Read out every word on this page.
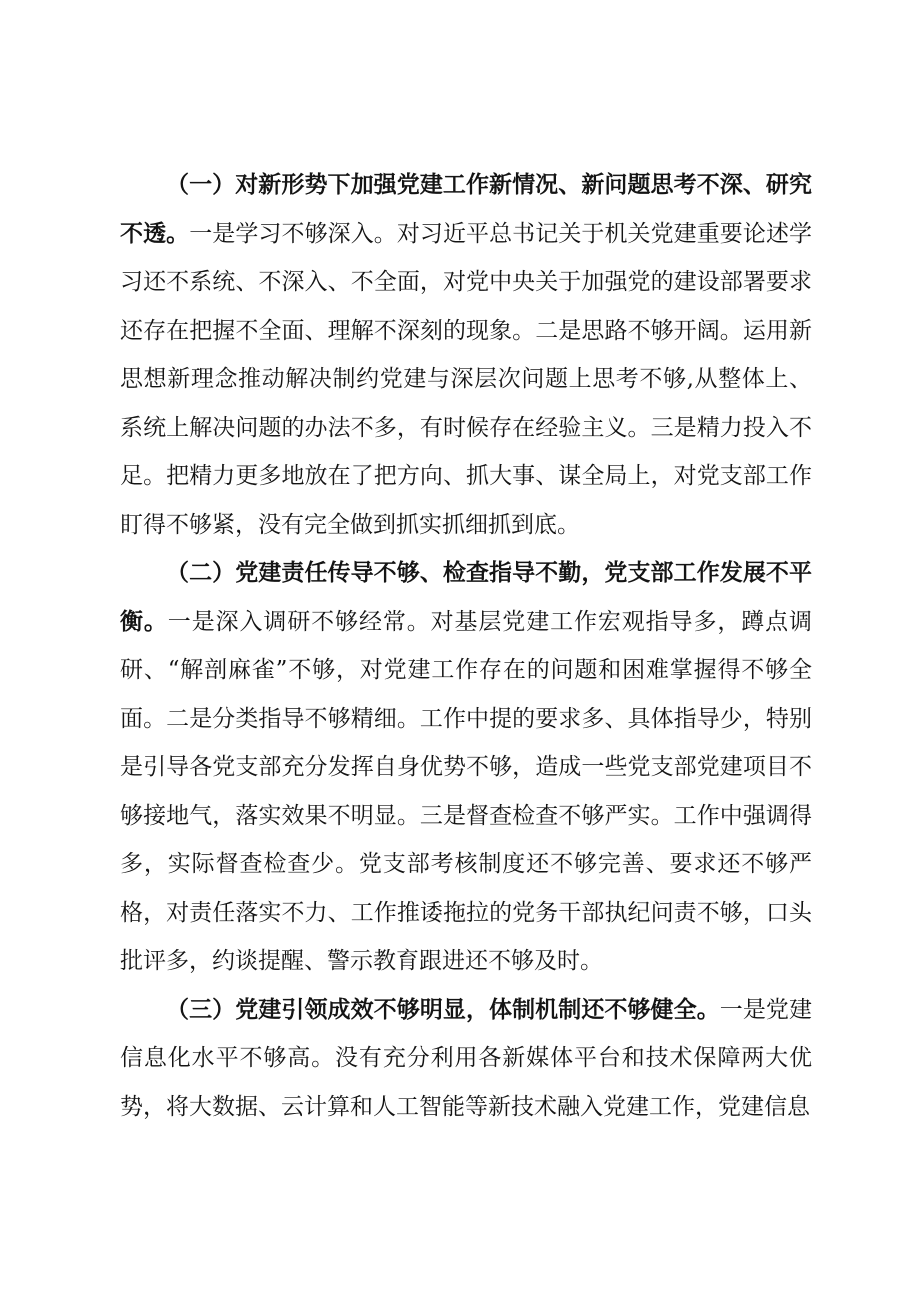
（一）对新形势下加强党建工作新情况、新问题思考不深、研究不透。一是学习不够深入。对习近平总书记关于机关党建重要论述学习还不系统、不深入、不全面，对党中央关于加强党的建设部署要求还存在把握不全面、理解不深刻的现象。二是思路不够开阔。运用新思想新理念推动解决制约党建与深层次问题上思考不够,从整体上、系统上解决问题的办法不多，有时候存在经验主义。三是精力投入不足。把精力更多地放在了把方向、抓大事、谋全局上，对党支部工作盯得不够紧，没有完全做到抓实抓细抓到底。

（二）党建责任传导不够、检查指导不勤，党支部工作发展不平衡。一是深入调研不够经常。对基层党建工作宏观指导多，蹲点调研、“解剖麻雀”不够，对党建工作存在的问题和困难掌握得不够全面。二是分类指导不够精细。工作中提的要求多、具体指导少，特别是引导各党支部充分发挥自身优势不够，造成一些党支部党建项目不够接地气，落实效果不明显。三是督查检查不够严实。工作中强调得多，实际督查检查少。党支部考核制度还不够完善、要求还不够严格，对责任落实不力、工作推诿拖拉的党务干部执纪问责不够，口头批评多，约谈提醒、警示教育跟进还不够及时。

（三）党建引领成效不够明显，体制机制还不够健全。一是党建信息化水平不够高。没有充分利用各新媒体平台和技术保障两大优势，将大数据、云计算和人工智能等新技术融入党建工作，党建信息
